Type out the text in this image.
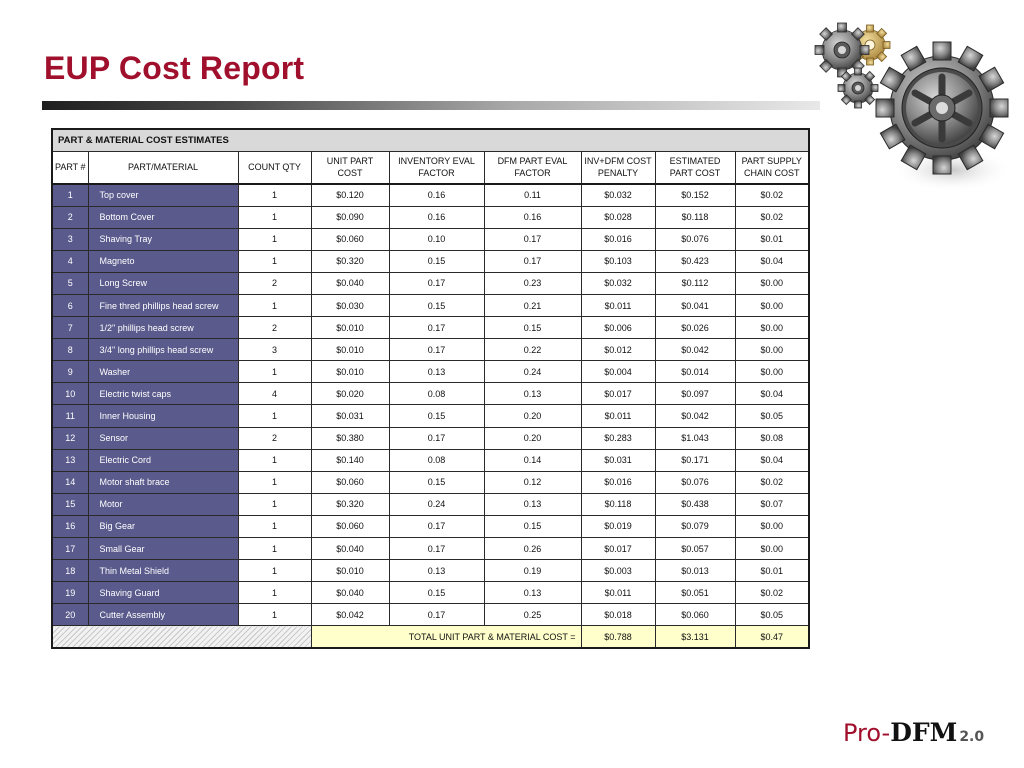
EUP Cost Report
PART & MATERIAL COST ESTIMATES								
PART #	PART/MATERIAL	COUNT QTY	UNIT PART COST	INVENTORY EVAL FACTOR	DFM PART EVAL FACTOR	INV+DFM COST PENALTY	ESTIMATED PART COST	PART SUPPLY CHAIN COST
1	Top cover	1	$0.120	0.16	0.11	$0.032	$0.152	$0.02
2	Bottom Cover	1	$0.090	0.16	0.16	$0.028	$0.118	$0.02
3	Shaving Tray	1	$0.060	0.10	0.17	$0.016	$0.076	$0.01
4	Magneto	1	$0.320	0.15	0.17	$0.103	$0.423	$0.04
5	Long Screw	2	$0.040	0.17	0.23	$0.032	$0.112	$0.00
6	Fine thred phillips head screw	1	$0.030	0.15	0.21	$0.011	$0.041	$0.00
7	1/2" phillips head screw	2	$0.010	0.17	0.15	$0.006	$0.026	$0.00
8	3/4" long phillips head screw	3	$0.010	0.17	0.22	$0.012	$0.042	$0.00
9	Washer	1	$0.010	0.13	0.24	$0.004	$0.014	$0.00
10	Electric twist caps	4	$0.020	0.08	0.13	$0.017	$0.097	$0.04
11	Inner Housing	1	$0.031	0.15	0.20	$0.011	$0.042	$0.05
12	Sensor	2	$0.380	0.17	0.20	$0.283	$1.043	$0.08
13	Electric Cord	1	$0.140	0.08	0.14	$0.031	$0.171	$0.04
14	Motor shaft brace	1	$0.060	0.15	0.12	$0.016	$0.076	$0.02
15	Motor	1	$0.320	0.24	0.13	$0.118	$0.438	$0.07
16	Big Gear	1	$0.060	0.17	0.15	$0.019	$0.079	$0.00
17	Small Gear	1	$0.040	0.17	0.26	$0.017	$0.057	$0.00
18	Thin Metal Shield	1	$0.010	0.13	0.19	$0.003	$0.013	$0.01
19	Shaving Guard	1	$0.040	0.15	0.13	$0.011	$0.051	$0.02
20	Cutter Assembly	1	$0.042	0.17	0.25	$0.018	$0.060	$0.05
			TOTAL UNIT PART & MATERIAL COST =			$0.788	$3.131	$0.47
Pro-DFM 2.0
